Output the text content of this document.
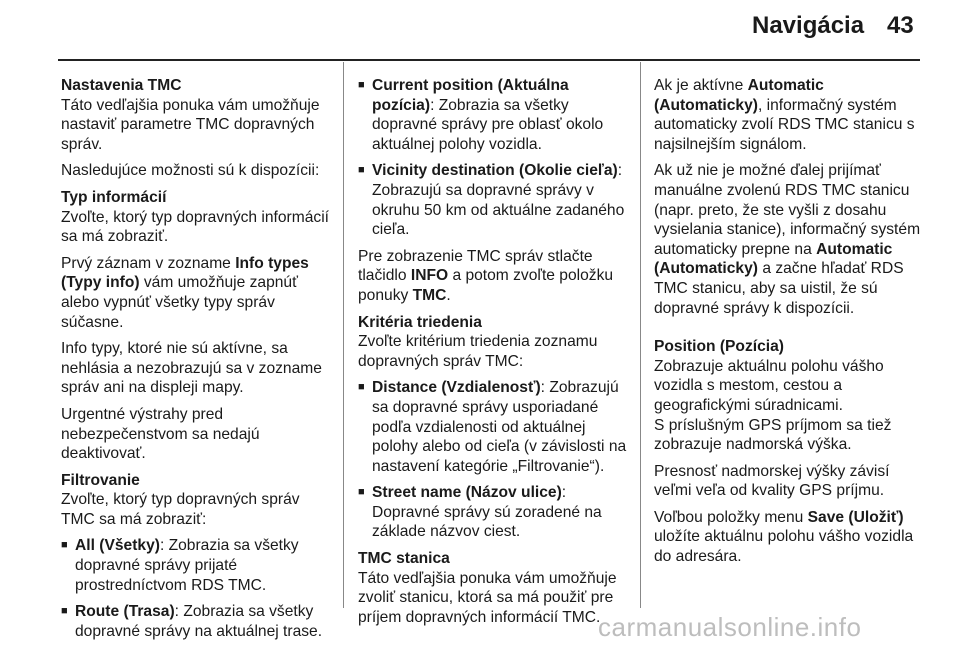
Navigácia 43

Nastavenia TMC
Táto vedľajšia ponuka vám umožňuje nastaviť parametre TMC dopravných správ.

Nasledujúce možnosti sú k dispozícii:

Typ informácií
Zvoľte, ktorý typ dopravných informácií sa má zobraziť.

Prvý záznam v zozname Info types (Typy info) vám umožňuje zapnúť alebo vypnúť všetky typy správ súčasne.

Info typy, ktoré nie sú aktívne, sa nehlásia a nezobrazujú sa v zozname správ ani na displeji mapy.

Urgentné výstrahy pred nebezpečenstvom sa nedajú deaktivovať.

Filtrovanie
Zvoľte, ktorý typ dopravných správ TMC sa má zobraziť:

■ All (Všetky): Zobrazia sa všetky dopravné správy prijaté prostredníctvom RDS TMC.
■ Route (Trasa): Zobrazia sa všetky dopravné správy na aktuálnej trase.
■ Current position (Aktuálna pozícia): Zobrazia sa všetky dopravné správy pre oblasť okolo aktuálnej polohy vozidla.
■ Vicinity destination (Okolie cieľa): Zobrazujú sa dopravné správy v okruhu 50 km od aktuálne zadaného cieľa.

Pre zobrazenie TMC správ stlačte tlačidlo INFO a potom zvoľte položku ponuky TMC.

Kritéria triedenia
Zvoľte kritérium triedenia zoznamu dopravných správ TMC:

■ Distance (Vzdialenosť): Zobrazujú sa dopravné správy usporiadané podľa vzdialenosti od aktuálnej polohy alebo od cieľa (v závislosti na nastavení kategórie „Filtrovanie“).
■ Street name (Názov ulice): Dopravné správy sú zoradené na základe názvov ciest.

TMC stanica
Táto vedľajšia ponuka vám umožňuje zvoliť stanicu, ktorá sa má použiť pre príjem dopravných informácií TMC.

Ak je aktívne Automatic (Automaticky), informačný systém automaticky zvolí RDS TMC stanicu s najsilnejším signálom.

Ak už nie je možné ďalej prijímať manuálne zvolenú RDS TMC stanicu (napr. preto, že ste vyšli z dosahu vysielania stanice), informačný systém automaticky prepne na Automatic (Automaticky) a začne hľadať RDS TMC stanicu, aby sa uistil, že sú dopravné správy k dispozícii.

Position (Pozícia)
Zobrazuje aktuálnu polohu vášho vozidla s mestom, cestou a geografickými súradnicami.

S príslušným GPS príjmom sa tiež zobrazuje nadmorská výška.

Presnosť nadmorskej výšky závisí veľmi veľa od kvality GPS príjmu.

Voľbou položky menu Save (Uložiť) uložíte aktuálnu polohu vášho vozidla do adresára.

carmanualsonline.info
